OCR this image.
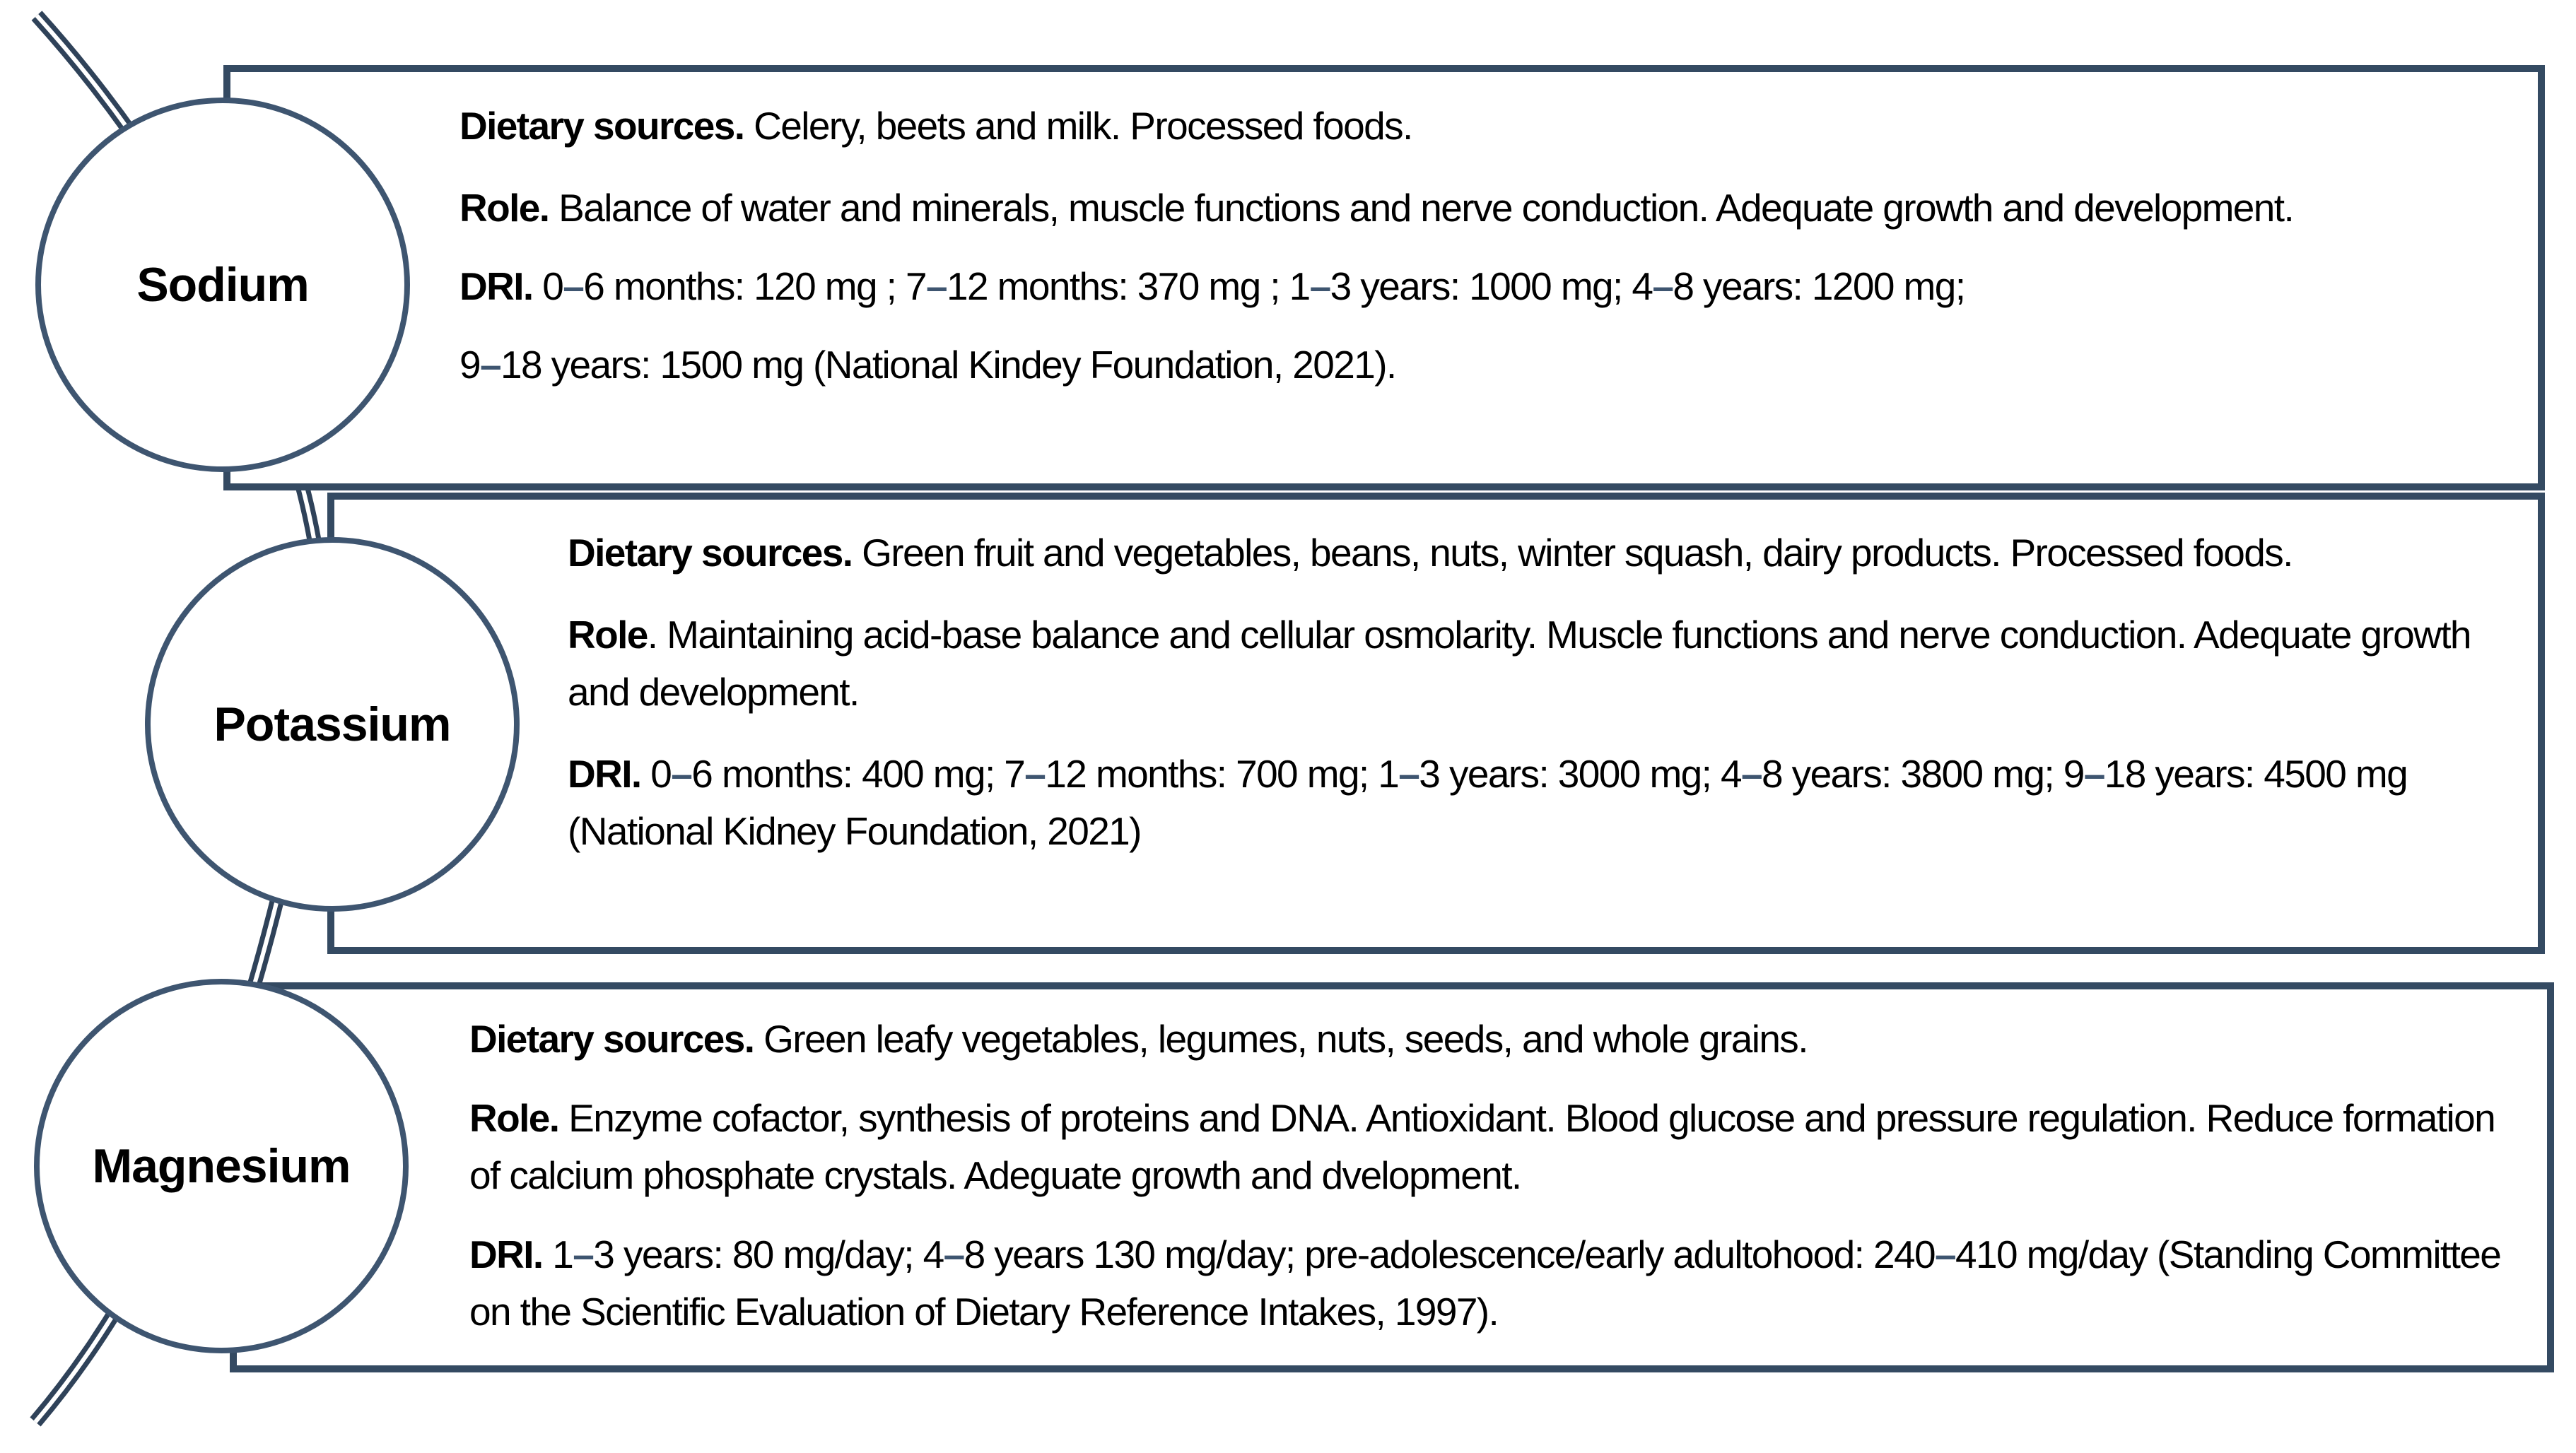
Sodium

Dietary sources. Celery, beets and milk. Processed foods.

Role. Balance of water and minerals, muscle functions and nerve conduction. Adequate growth and development.

DRI. 0–6 months: 120 mg ; 7–12 months: 370 mg ; 1–3 years: 1000 mg; 4–8 years: 1200 mg;
9–18 years: 1500 mg (National Kindey Foundation, 2021).

Potassium

Dietary sources. Green fruit and vegetables, beans, nuts, winter squash, dairy products. Processed foods.

Role. Maintaining acid-base balance and cellular osmolarity. Muscle functions and nerve conduction. Adequate growth and development.

DRI. 0–6 months: 400 mg; 7–12 months: 700 mg; 1–3 years: 3000 mg; 4–8 years: 3800 mg; 9–18 years: 4500 mg (National Kidney Foundation, 2021)

Magnesium

Dietary sources. Green leafy vegetables, legumes, nuts, seeds, and whole grains.

Role. Enzyme cofactor, synthesis of proteins and DNA. Antioxidant. Blood glucose and pressure regulation. Reduce formation of calcium phosphate crystals. Adeguate growth and dvelopment.

DRI. 1–3 years: 80 mg/day; 4–8 years 130 mg/day; pre-adolescence/early adultohood: 240–410 mg/day (Standing Committee on the Scientific Evaluation of Dietary Reference Intakes, 1997).
